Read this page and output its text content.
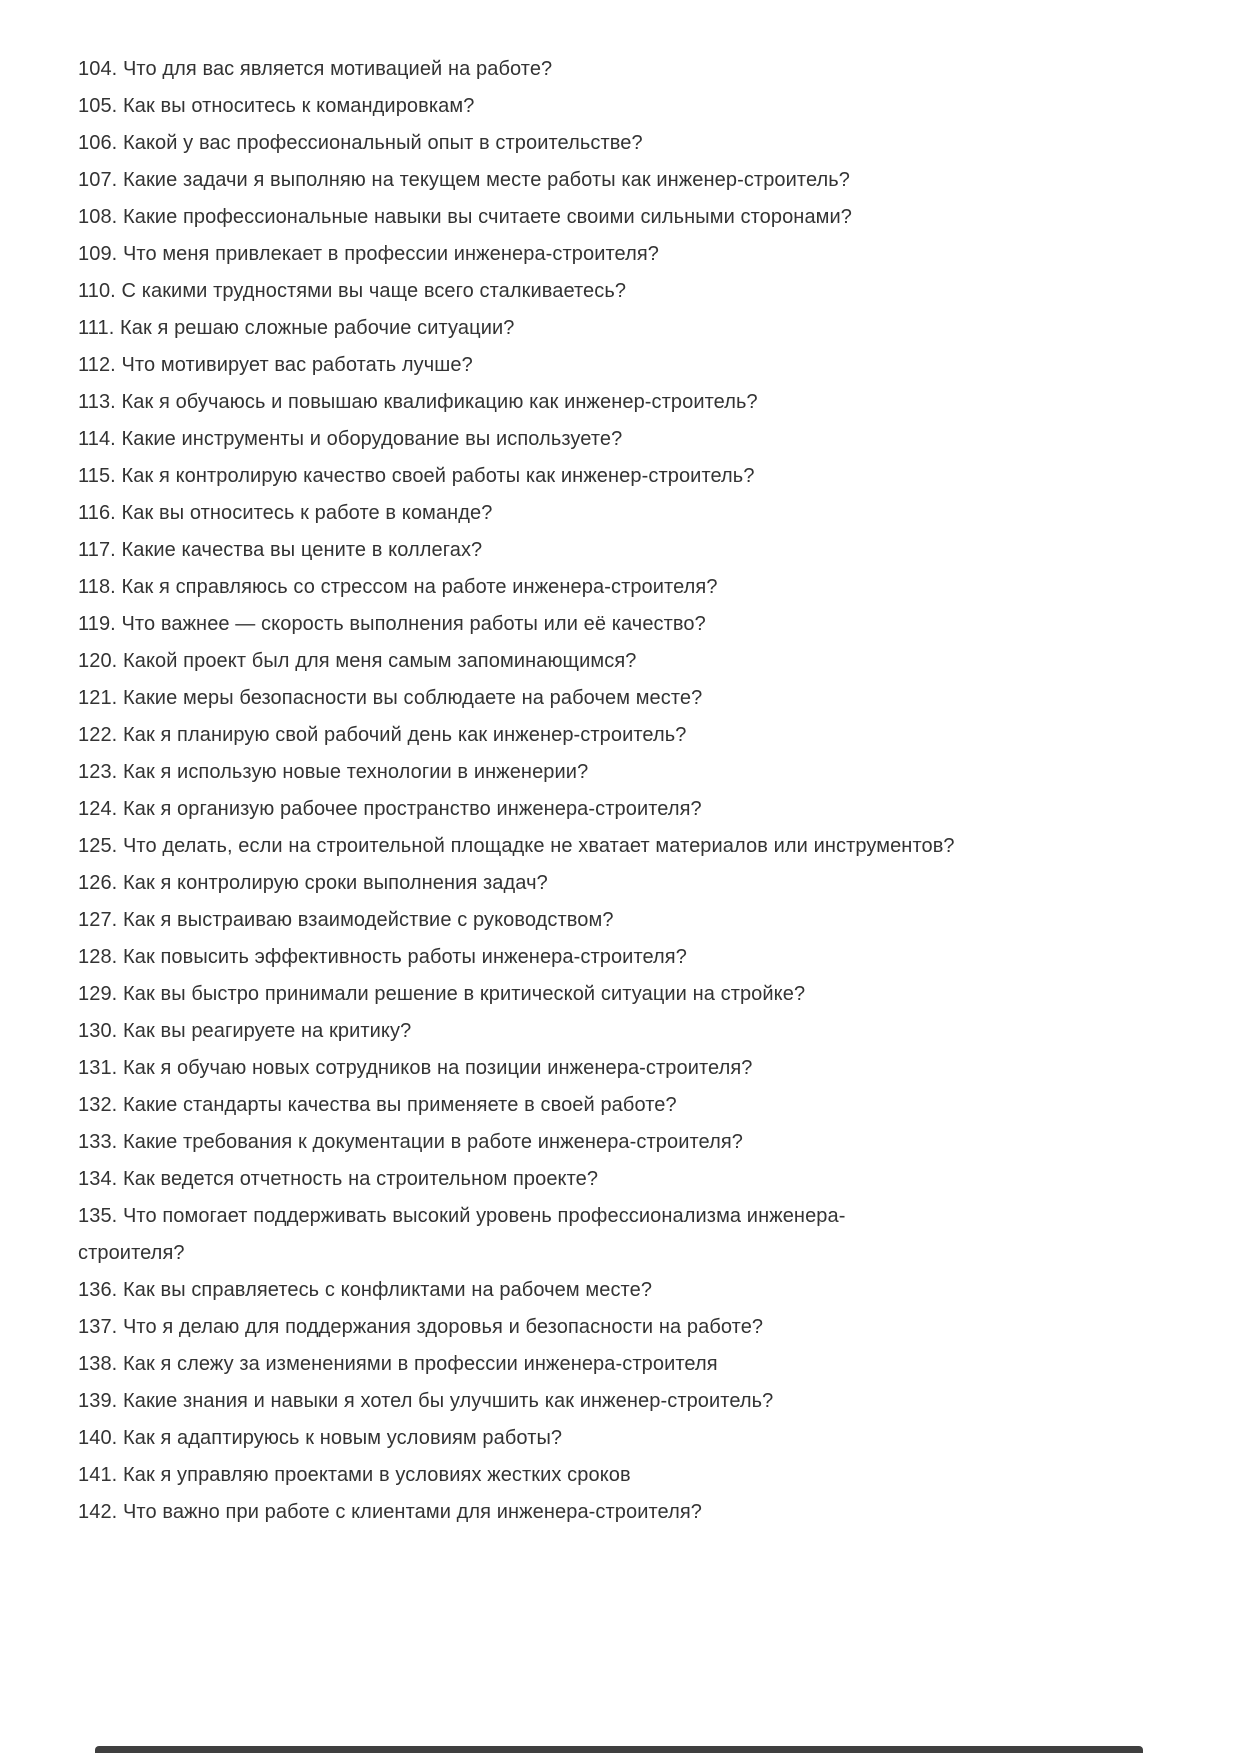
104. Что для вас является мотивацией на работе?

105. Как вы относитесь к командировкам?

106. Какой у вас профессиональный опыт в строительстве?

107. Какие задачи я выполняю на текущем месте работы как инженер-строитель?

108. Какие профессиональные навыки вы считаете своими сильными сторонами?

109. Что меня привлекает в профессии инженера-строителя?

110. С какими трудностями вы чаще всего сталкиваетесь?

111. Как я решаю сложные рабочие ситуации?

112. Что мотивирует вас работать лучше?

113. Как я обучаюсь и повышаю квалификацию как инженер-строитель?

114. Какие инструменты и оборудование вы используете?

115. Как я контролирую качество своей работы как инженер-строитель?

116. Как вы относитесь к работе в команде?

117. Какие качества вы цените в коллегах?

118. Как я справляюсь со стрессом на работе инженера-строителя?

119. Что важнее — скорость выполнения работы или её качество?

120. Какой проект был для меня самым запоминающимся?

121. Какие меры безопасности вы соблюдаете на рабочем месте?

122. Как я планирую свой рабочий день как инженер-строитель?

123. Как я использую новые технологии в инженерии?

124. Как я организую рабочее пространство инженера-строителя?

125. Что делать, если на строительной площадке не хватает материалов или инструментов?

126. Как я контролирую сроки выполнения задач?

127. Как я выстраиваю взаимодействие с руководством?

128. Как повысить эффективность работы инженера-строителя?

129. Как вы быстро принимали решение в критической ситуации на стройке?

130. Как вы реагируете на критику?

131. Как я обучаю новых сотрудников на позиции инженера-строителя?

132. Какие стандарты качества вы применяете в своей работе?

133. Какие требования к документации в работе инженера-строителя?

134. Как ведется отчетность на строительном проекте?

135. Что помогает поддерживать высокий уровень профессионализма инженера-
строителя?

136. Как вы справляетесь с конфликтами на рабочем месте?

137. Что я делаю для поддержания здоровья и безопасности на работе?

138. Как я слежу за изменениями в профессии инженера-строителя

139. Какие знания и навыки я хотел бы улучшить как инженер-строитель?

140. Как я адаптируюсь к новым условиям работы?

141. Как я управляю проектами в условиях жестких сроков

142. Что важно при работе с клиентами для инженера-строителя?
